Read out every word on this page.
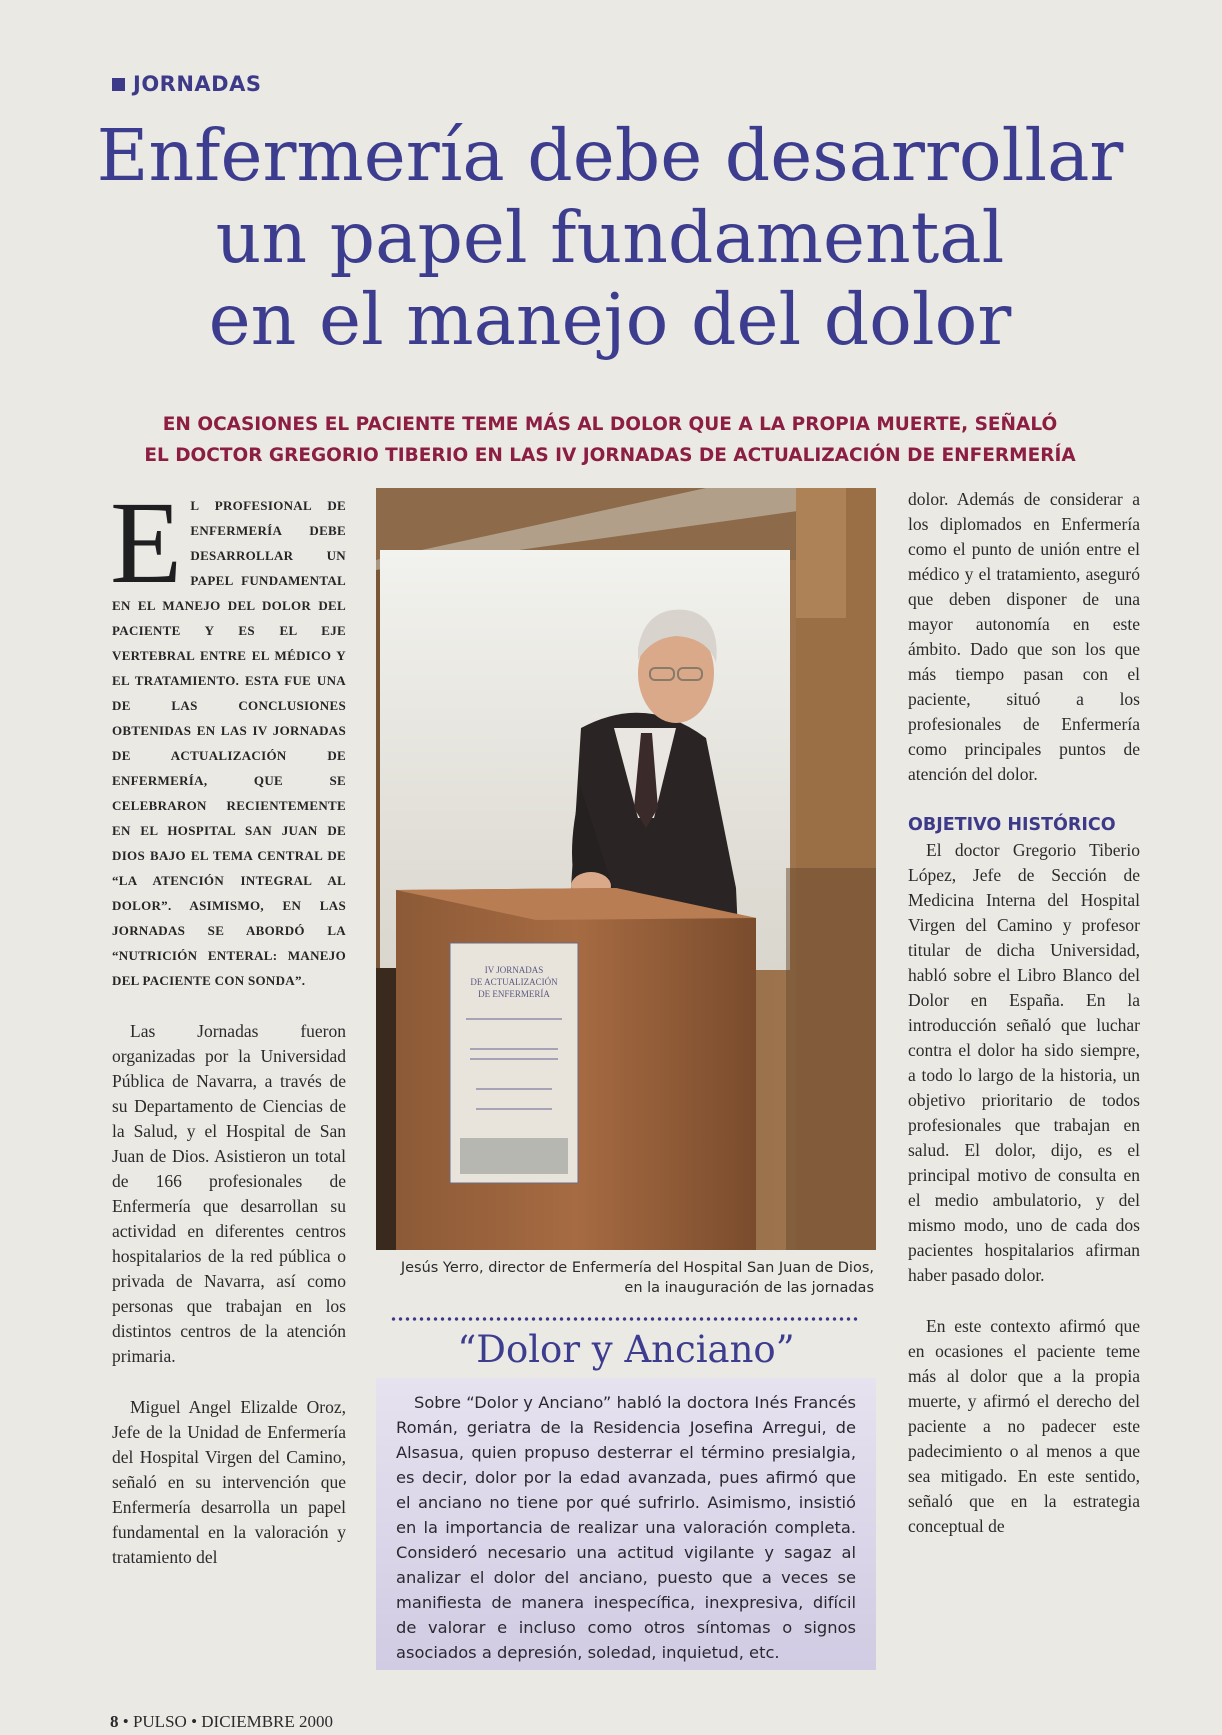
JORNADAS
Enfermería debe desarrollar
un papel fundamental
en el manejo del dolor

EN OCASIONES EL PACIENTE TEME MÁS AL DOLOR QUE A LA PROPIA MUERTE, SEÑALÓ
EL DOCTOR GREGORIO TIBERIO EN LAS IV JORNADAS DE ACTUALIZACIÓN DE ENFERMERÍA

EL PROFESIONAL DE ENFERMERÍA DEBE DESARROLLAR UN PAPEL FUNDAMENTAL EN EL MANEJO DEL DOLOR DEL PACIENTE Y ES EL EJE VERTEBRAL ENTRE EL MÉDICO Y EL TRATAMIENTO. ESTA FUE UNA DE LAS CONCLUSIONES OBTENIDAS EN LAS IV JORNADAS DE ACTUALIZACIÓN DE ENFERMERÍA, QUE SE CELEBRARON RECIENTEMENTE EN EL HOSPITAL SAN JUAN DE DIOS BAJO EL TEMA CENTRAL DE “LA ATENCIÓN INTEGRAL AL DOLOR”. ASIMISMO, EN LAS JORNADAS SE ABORDÓ LA “NUTRICIÓN ENTERAL: MANEJO DEL PACIENTE CON SONDA”.

Las Jornadas fueron organizadas por la Universidad Pública de Navarra, a través de su Departamento de Ciencias de la Salud, y el Hospital de San Juan de Dios. Asistieron un total de 166 profesionales de Enfermería que desarrollan su actividad en diferentes centros hospitalarios de la red pública o privada de Navarra, así como personas que trabajan en los distintos centros de la atención primaria.

Miguel Angel Elizalde Oroz, Jefe de la Unidad de Enfermería del Hospital Virgen del Camino, señaló en su intervención que Enfermería desarrolla un papel fundamental en la valoración y tratamiento del

IV JORNADAS
DE ACTUALIZACIÓN
DE ENFERMERÍA
Jesús Yerro, director de Enfermería del Hospital San Juan de Dios,
en la inauguración de las jornadas
“Dolor y Anciano”

Sobre “Dolor y Anciano” habló la doctora Inés Francés Román, geriatra de la Residencia Josefina Arregui, de Alsasua, quien propuso desterrar el término presialgia, es decir, dolor por la edad avanzada, pues afirmó que el anciano no tiene por qué sufrirlo. Asimismo, insistió en la importancia de realizar una valoración completa. Consideró necesario una actitud vigilante y sagaz al analizar el dolor del anciano, puesto que a veces se manifiesta de manera inespecífica, inexpresiva, difícil de valorar e incluso como otros síntomas o signos asociados a depresión, soledad, inquietud, etc.

dolor. Además de considerar a los diplomados en Enfermería como el punto de unión entre el médico y el tratamiento, aseguró que deben disponer de una mayor autonomía en este ámbito. Dado que son los que más tiempo pasan con el paciente, situó a los profesionales de Enfermería como principales puntos de atención del dolor.

OBJETIVO HISTÓRICO

El doctor Gregorio Tiberio López, Jefe de Sección de Medicina Interna del Hospital Virgen del Camino y profesor titular de dicha Universidad, habló sobre el Libro Blanco del Dolor en España. En la introducción señaló que luchar contra el dolor ha sido siempre, a todo lo largo de la historia, un objetivo prioritario de todos profesionales que trabajan en salud. El dolor, dijo, es el principal motivo de consulta en el medio ambulatorio, y del mismo modo, uno de cada dos pacientes hospitalarios afirman haber pasado dolor.

En este contexto afirmó que en ocasiones el paciente teme más al dolor que a la propia muerte, y afirmó el derecho del paciente a no padecer este padecimiento o al menos a que sea mitigado. En este sentido, señaló que en la estrategia conceptual de

8 • PULSO • DICIEMBRE 2000
